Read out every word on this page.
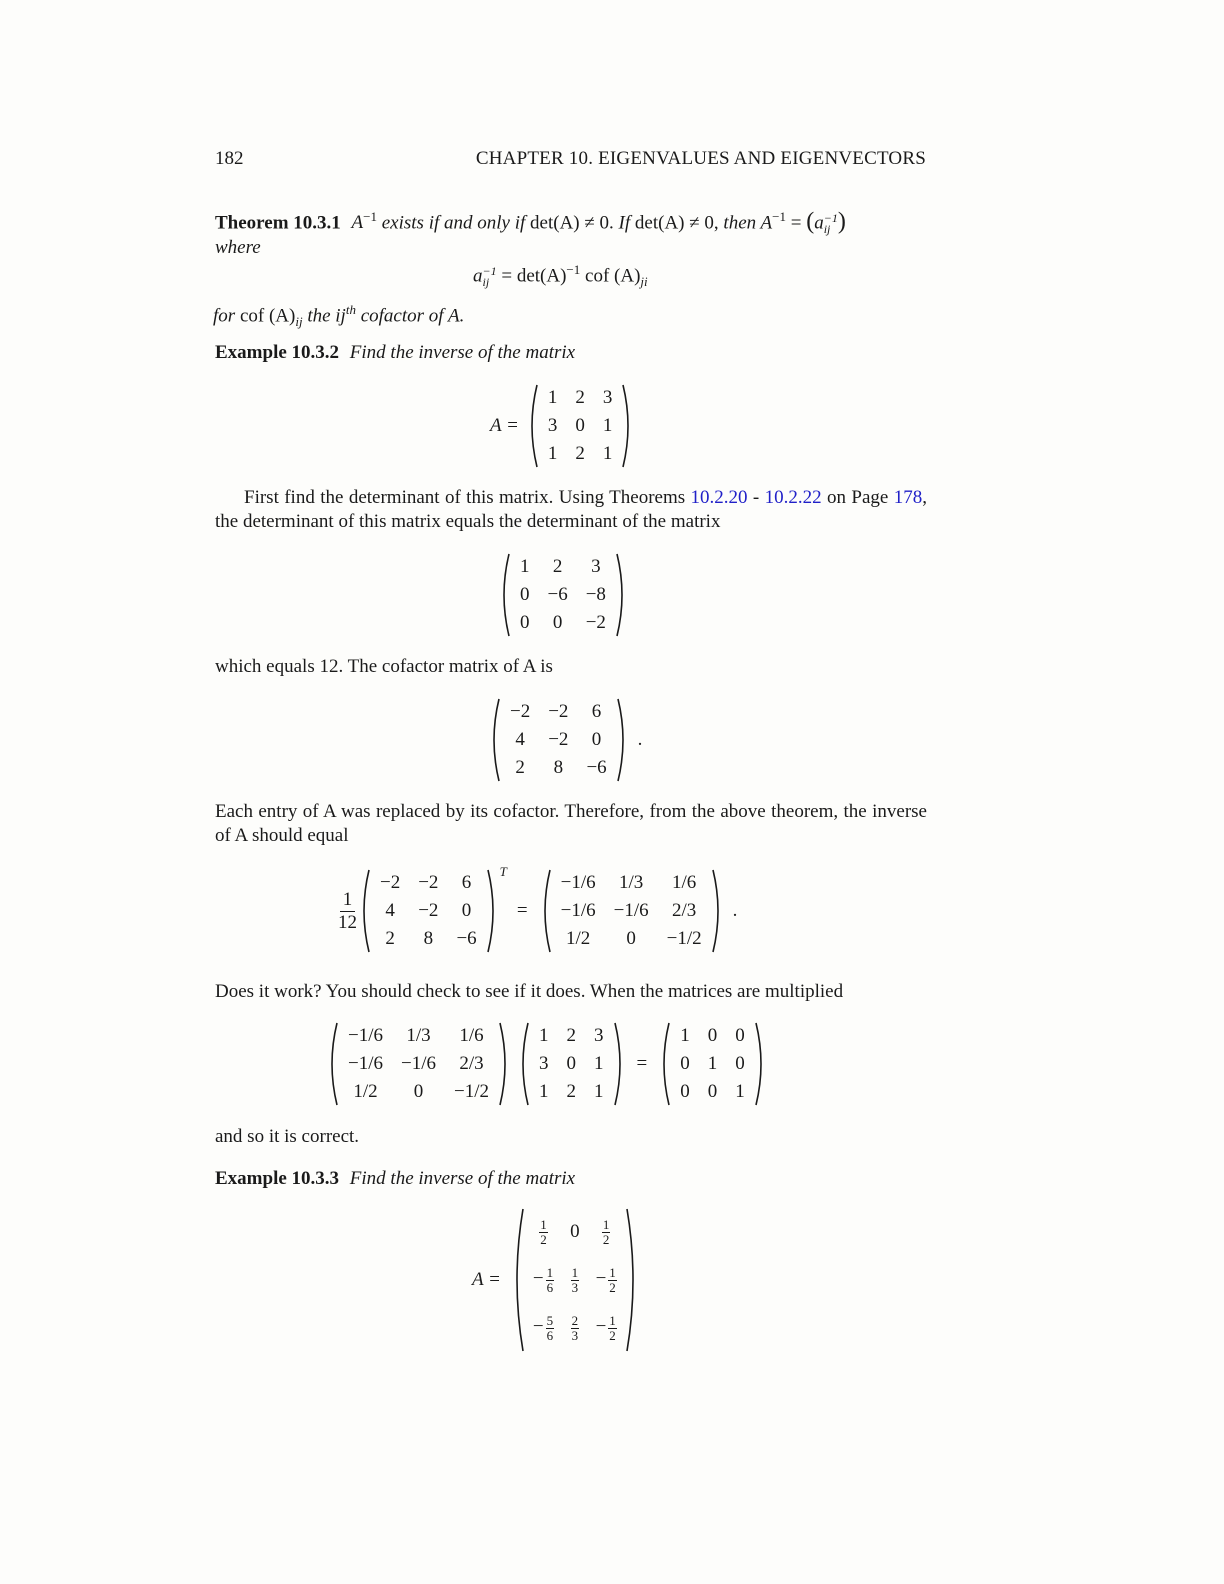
182	CHAPTER 10. EIGENVALUES AND EIGENVECTORS
Theorem 10.3.1 $A^{-1}$ exists if and only if det(A) ≠ 0. If det(A) ≠ 0, then $A^{-1} = (a -1$
ij )
where
a −1
ij = $\det(A)^{-1}$ cof $(A)_{ji}$
for cof $(A)_{ij}$ the $ij^{th}$ cofactor of A.
Example 10.3.2 Find the inverse of the matrix
A =
1	2	3
3	0	1
1	2	1
First find the determinant of this matrix. Using Theorems 10.2.20 - 10.2.22 on Page 178, the determinant of this matrix equals the determinant of the matrix
1	2	3
0	−6	−8
0	0	−2
which equals 12. The cofactor matrix of A is
−2	−2	6
4	−2	0
2	8	−6
.
Each entry of A was replaced by its cofactor. Therefore, from the above theorem, the inverse of A should equal
1
12
−2	−2	6
4	−2	0
2	8	−6
T
=
−1/6	1/3	1/6
−1/6	−1/6	2/3
1/2	0	−1/2
.
Does it work? You should check to see if it does. When the matrices are multiplied
−1/6	1/3	1/6
−1/6	−1/6	2/3
1/2	0	−1/2
1	2	3
3	0	1
1	2	1
=
1	0	0
0	1	0
0	0	1
and so it is correct.
Example 10.3.3 Find the inverse of the matrix
A =
$\frac{1}{2}$	0	$\frac{1}{2}$

− $\frac{1}{6}$	$\frac{1}{3}$	− $\frac{1}{2}$

− $\frac{5}{6}$	$\frac{2}{3}$	− $\frac{1}{2}$
